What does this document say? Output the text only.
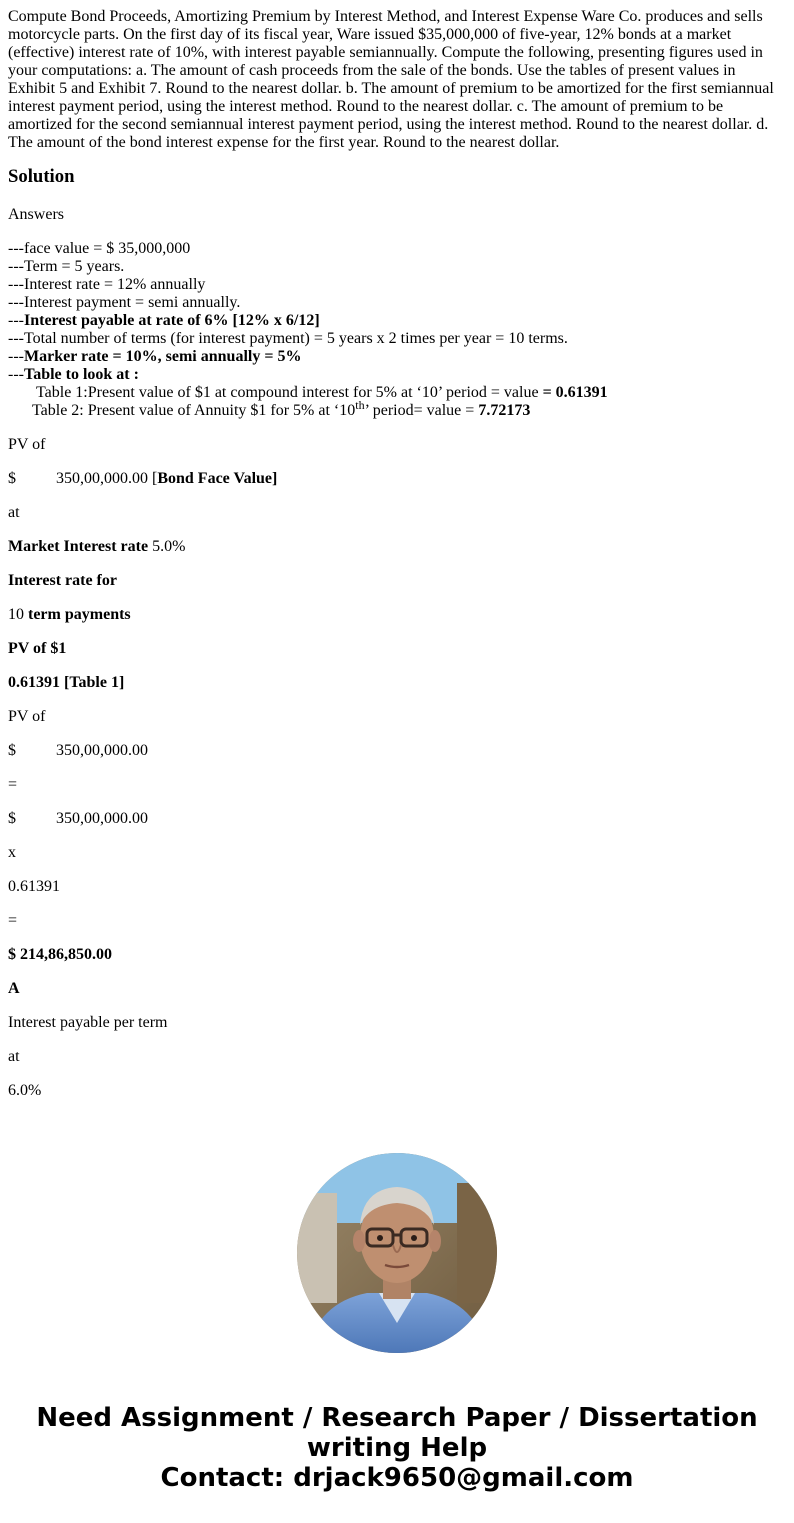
Compute Bond Proceeds, Amortizing Premium by Interest Method, and Interest Expense Ware Co. produces and sells motorcycle parts. On the first day of its fiscal year, Ware issued $35,000,000 of five-year, 12% bonds at a market (effective) interest rate of 10%, with interest payable semiannually. Compute the following, presenting figures used in your computations: a. The amount of cash proceeds from the sale of the bonds. Use the tables of present values in Exhibit 5 and Exhibit 7. Round to the nearest dollar. b. The amount of premium to be amortized for the first semiannual interest payment period, using the interest method. Round to the nearest dollar. c. The amount of premium to be amortized for the second semiannual interest payment period, using the interest method. Round to the nearest dollar. d. The amount of the bond interest expense for the first year. Round to the nearest dollar.
Solution
Answers
---face value = $ 35,000,000
---Term = 5 years.
---Interest rate = 12% annually
---Interest payment = semi annually.
---Interest payable at rate of 6% [12% x 6/12]
---Total number of terms (for interest payment) = 5 years x 2 times per year = 10 terms.
---Marker rate = 10%, semi annually = 5%
---Table to look at :
Table 1:Present value of $1 at compound interest for 5% at ‘10’ period = value = 0.61391
Table 2: Present value of Annuity $1 for 5% at ‘10th’ period= value = 7.72173

PV of

$	350,00,000.00 [Bond Face Value]

at

Market Interest rate 5.0%

Interest rate for

10 term payments

PV of $1

0.61391 [Table 1]

PV of

$	350,00,000.00

=

$	350,00,000.00

x

0.61391

=

$ 214,86,850.00

A

Interest payable per term

at

6.0%

Need Assignment / Research Paper / Dissertation
writing Help
Contact: drjack9650@gmail.com
